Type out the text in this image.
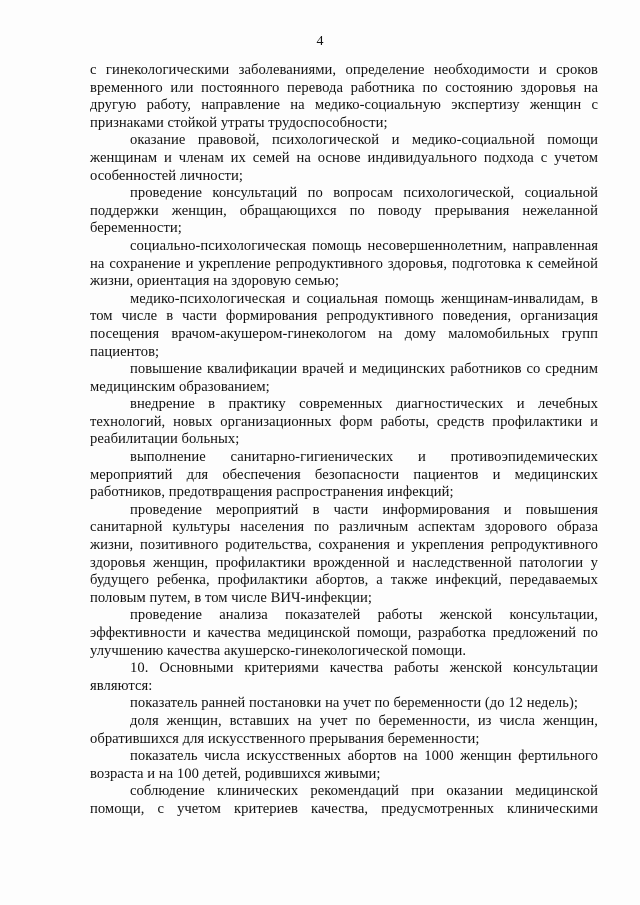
4

с гинекологическими заболеваниями, определение необходимости и сроков временного или постоянного перевода работника по состоянию здоровья на другую работу, направление на медико-социальную экспертизу женщин с признаками стойкой утраты трудоспособности;

оказание правовой, психологической и медико-социальной помощи женщинам и членам их семей на основе индивидуального подхода с учетом особенностей личности;

проведение консультаций по вопросам психологической, социальной поддержки женщин, обращающихся по поводу прерывания нежеланной беременности;

социально-психологическая помощь несовершеннолетним, направленная на сохранение и укрепление репродуктивного здоровья, подготовка к семейной жизни, ориентация на здоровую семью;

медико-психологическая и социальная помощь женщинам-инвалидам, в том числе в части формирования репродуктивного поведения, организация посещения врачом-акушером-гинекологом на дому маломобильных групп пациентов;

повышение квалификации врачей и медицинских работников со средним медицинским образованием;

внедрение в практику современных диагностических и лечебных технологий, новых организационных форм работы, средств профилактики и реабилитации больных;

выполнение санитарно-гигиенических и противоэпидемических мероприятий для обеспечения безопасности пациентов и медицинских работников, предотвращения распространения инфекций;

проведение мероприятий в части информирования и повышения санитарной культуры населения по различным аспектам здорового образа жизни, позитивного родительства, сохранения и укрепления репродуктивного здоровья женщин, профилактики врожденной и наследственной патологии у будущего ребенка, профилактики абортов, а также инфекций, передаваемых половым путем, в том числе ВИЧ-инфекции;

проведение анализа показателей работы женской консультации, эффективности и качества медицинской помощи, разработка предложений по улучшению качества акушерско-гинекологической помощи.

10. Основными критериями качества работы женской консультации являются:

показатель ранней постановки на учет по беременности (до 12 недель);

доля женщин, вставших на учет по беременности, из числа женщин, обратившихся для искусственного прерывания беременности;

показатель числа искусственных абортов на 1000 женщин фертильного возраста и на 100 детей, родившихся живыми;

соблюдение клинических рекомендаций при оказании медицинской помощи, с учетом критериев качества, предусмотренных клиническими
